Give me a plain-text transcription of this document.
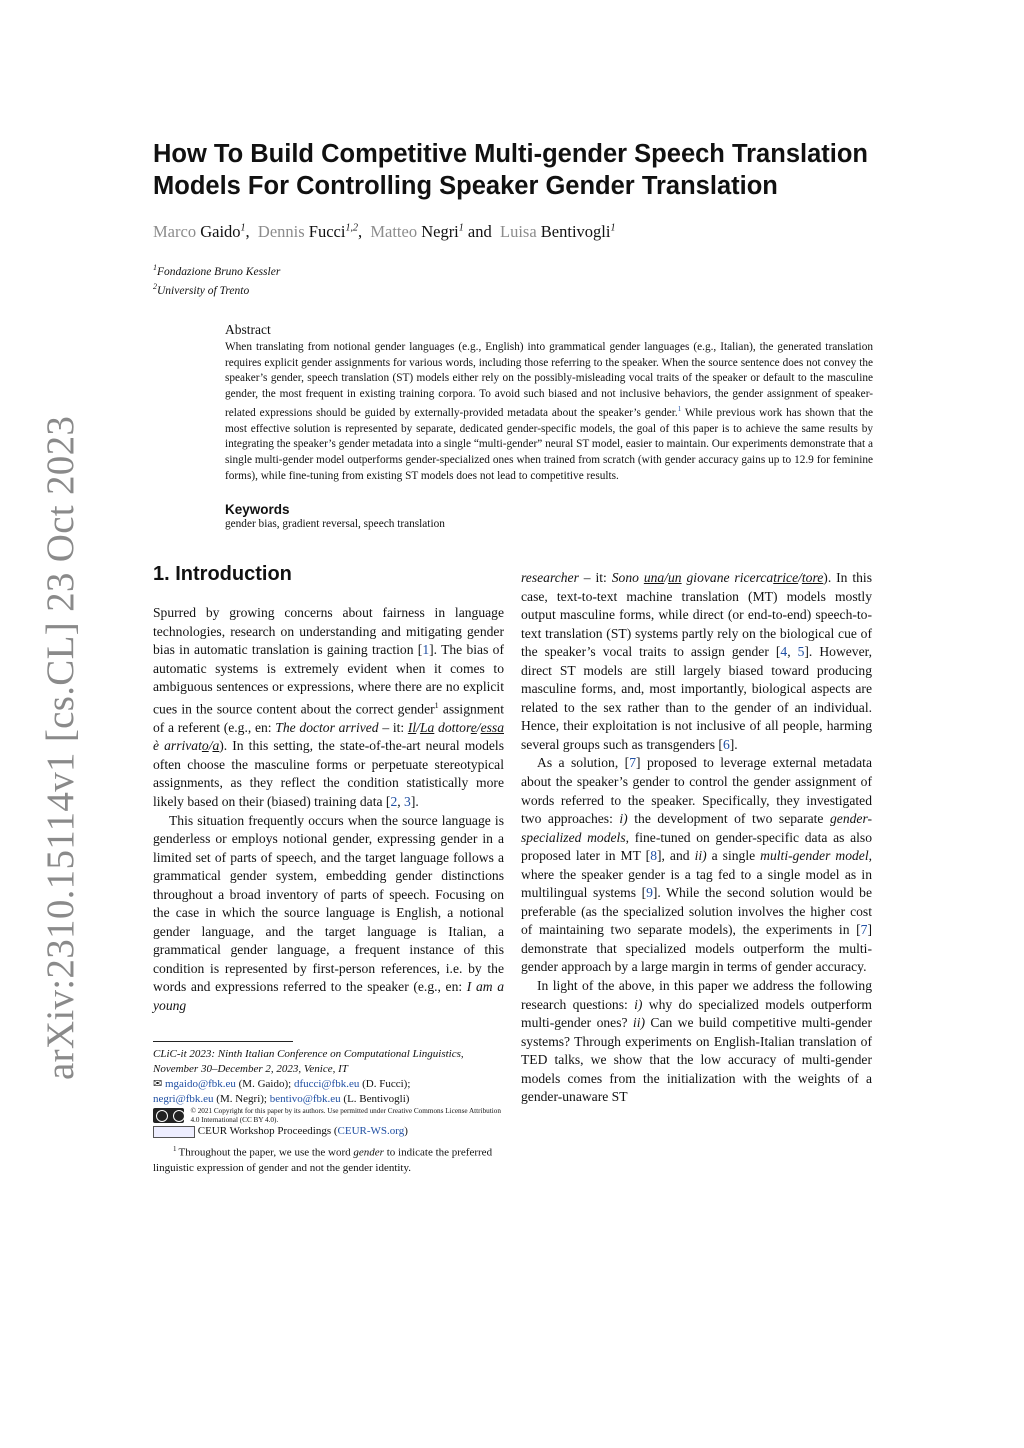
arXiv:2310.15114v1 [cs.CL] 23 Oct 2023
How To Build Competitive Multi-gender Speech Translation
Models For Controlling Speaker Gender Translation
Marco Gaido$^1$,  Dennis Fucci$^{1,2}$,  Matteo Negri$^1$ and  Luisa Bentivogli$^1$
$^1$Fondazione Bruno Kessler
$^2$University of Trento
Abstract

When translating from notional gender languages (e.g., English) into grammatical gender languages (e.g., Italian), the generated translation requires explicit gender assignments for various words, including those referring to the speaker. When the source sentence does not convey the speaker’s gender, speech translation (ST) models either rely on the possibly-misleading vocal traits of the speaker or default to the masculine gender, the most frequent in existing training corpora. To avoid such biased and not inclusive behaviors, the gender assignment of speaker-related expressions should be guided by externally-provided metadata about the speaker’s gender.$^1$ While previous work has shown that the most effective solution is represented by separate, dedicated gender-specific models, the goal of this paper is to achieve the same results by integrating the speaker’s gender metadata into a single “multi-gender” neural ST model, easier to maintain. Our experiments demonstrate that a single multi-gender model outperforms gender-specialized ones when trained from scratch (with gender accuracy gains up to 12.9 for feminine forms), while fine-tuning from existing ST models does not lead to competitive results.

Keywords

gender bias, gradient reversal, speech translation

1. Introduction

Spurred by growing concerns about fairness in language technologies, research on understanding and mitigating gender bias in automatic translation is gaining traction [1]. The bias of automatic systems is extremely evident when it comes to ambiguous sentences or expressions, where there are no explicit cues in the source content about the correct gender$^1$ assignment of a referent (e.g., en: The doctor arrived – it: Il/La dottore/essa è arrivato/a). In this setting, the state-of-the-art neural models often choose the masculine forms or perpetuate stereotypical assignments, as they reflect the condition statistically more likely based on their (biased) training data [2, 3].

This situation frequently occurs when the source language is genderless or employs notional gender, expressing gender in a limited set of parts of speech, and the target language follows a grammatical gender system, embedding gender distinctions throughout a broad inventory of parts of speech. Focusing on the case in which the source language is English, a notional gender language, and the target language is Italian, a grammatical gender language, a frequent instance of this condition is represented by first-person references, i.e. by the words and expressions referred to the speaker (e.g., en: I am a young

researcher – it: Sono una/un giovane ricercatrice/tore). In this case, text-to-text machine translation (MT) models mostly output masculine forms, while direct (or end-to-end) speech-to-text translation (ST) systems partly rely on the biological cue of the speaker’s vocal traits to assign gender [4, 5]. However, direct ST models are still largely biased toward producing masculine forms, and, most importantly, biological aspects are related to the sex rather than to the gender of an individual. Hence, their exploitation is not inclusive of all people, harming several groups such as transgenders [6].

As a solution, [7] proposed to leverage external metadata about the speaker’s gender to control the gender assignment of words referred to the speaker. Specifically, they investigated two approaches: i) the development of two separate gender-specialized models, fine-tuned on gender-specific data as also proposed later in MT [8], and ii) a single multi-gender model, where the speaker gender is a tag fed to a single model as in multilingual systems [9]. While the second solution would be preferable (as the specialized solution involves the higher cost of maintaining two separate models), the experiments in [7] demonstrate that specialized models outperform the multi-gender approach by a large margin in terms of gender accuracy.

In light of the above, in this paper we address the following research questions: i) why do specialized models outperform multi-gender ones? ii) Can we build competitive multi-gender systems? Through experiments on English-Italian translation of TED talks, we show that the low accuracy of multi-gender models comes from the initialization with the weights of a gender-unaware ST

CLiC-it 2023: Ninth Italian Conference on Computational Linguistics, November 30–December 2, 2023, Venice, IT
✉ mgaido@fbk.eu (M. Gaido); dfucci@fbk.eu (D. Fucci);
negri@fbk.eu (M. Negri); bentivo@fbk.eu (L. Bentivogli)
© 2021 Copyright for this paper by its authors. Use permitted under Creative Commons License Attribution 4.0 International (CC BY 4.0).

CEUR Workshop Proceedings ( CEUR-WS.org )
$^1$ Throughout the paper, we use the word gender to indicate the preferred linguistic expression of gender and not the gender identity.
